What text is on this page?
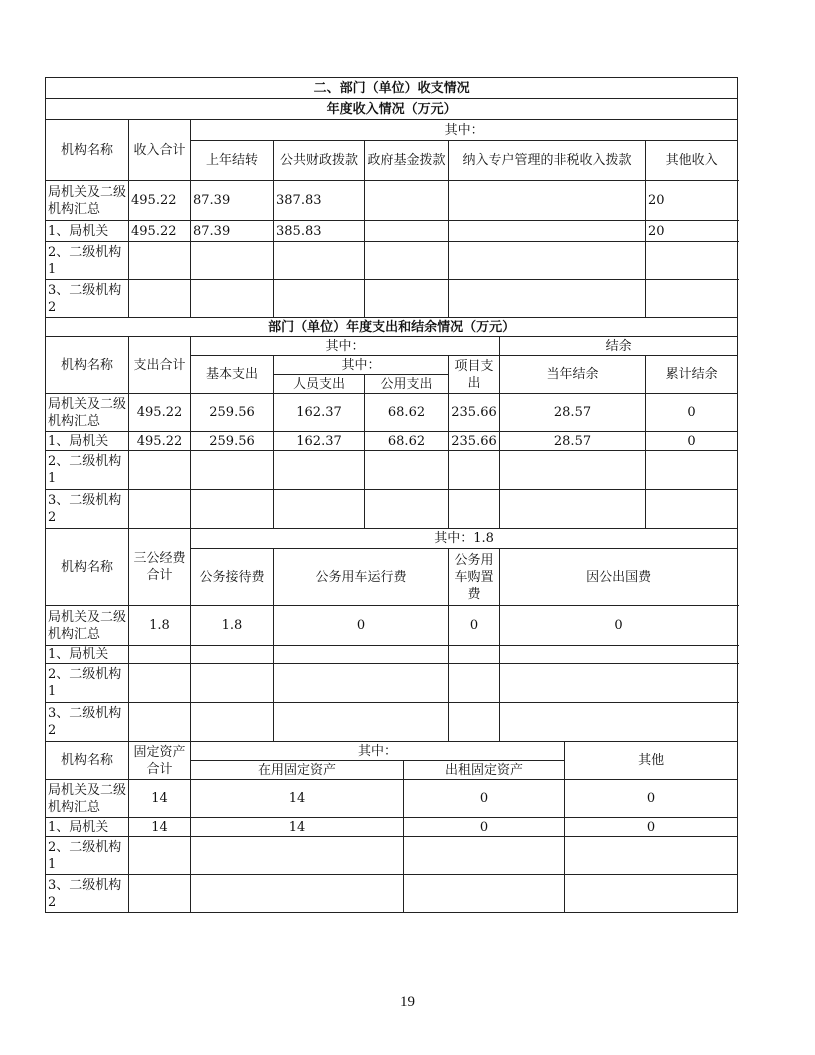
二、部门（单位）收支情况									
年度收入情况（万元）									
机构名称	收入合计	其中：							
		上年结转	公共财政拨款	政府基金拨款		纳入专户管理的非税收入拨款			其他收入
局机关及二级机构汇总	495.22	87.39	387.83						20
1、局机关	495.22	87.39	385.83						20
2、二级机构1									
3、二级机构2									
部门（单位）年度支出和结余情况（万元）									
机构名称	支出合计	其中：					结余		
		基本支出	其中：			项目支出	当年结余		累计结余
			人员支出	公用支出					
局机关及二级机构汇总	495.22	259.56	162.37	68.62		235.66	28.57		0
1、局机关	495.22	259.56	162.37	68.62		235.66	28.57		0
2、二级机构1									
3、二级机构2									
机构名称	三公经费合计	其中：1.8							
		公务接待费	公务用车运行费			公务用车购置费	因公出国费		
局机关及二级机构汇总	1.8	1.8	0			0	0		
1、局机关									
2、二级机构1									
3、二级机构2									
机构名称	固定资产合计	其中：						其他	
		在用固定资产			出租固定资产				
局机关及二级机构汇总	14	14			0			0	
1、局机关	14	14			0			0	
2、二级机构1									
3、二级机构2									
19
